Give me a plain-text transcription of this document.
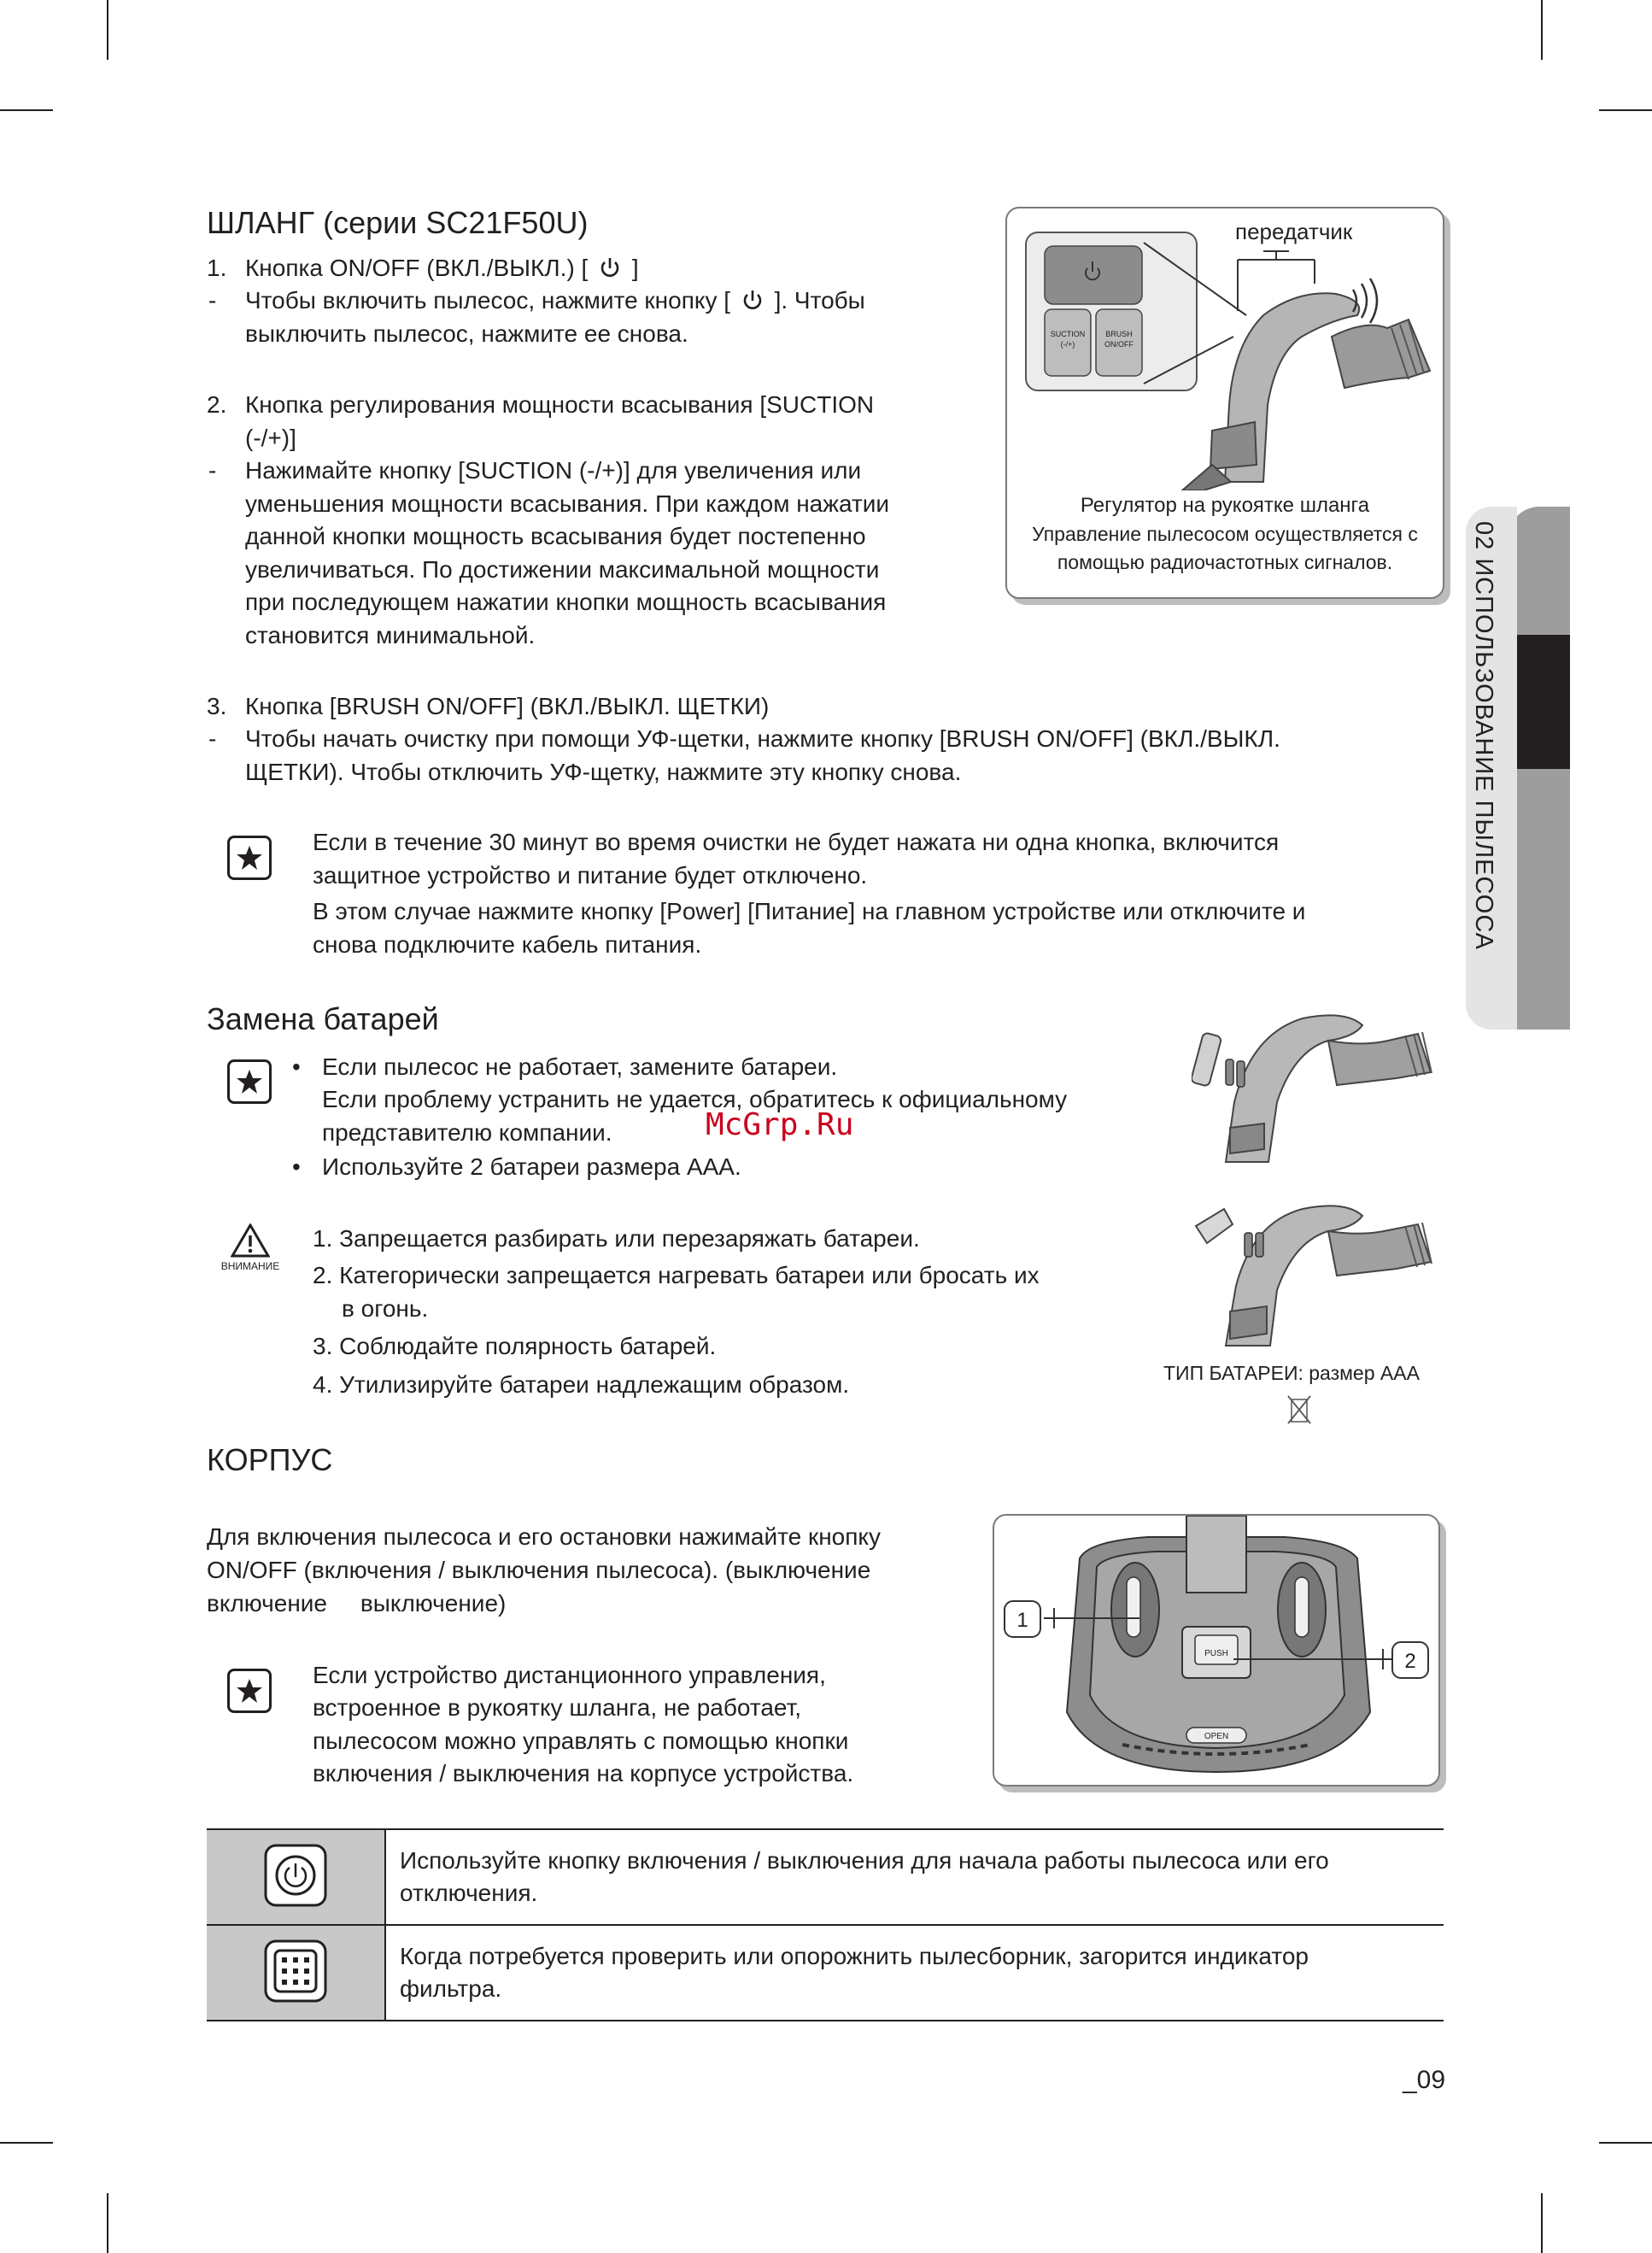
02 ИСПОЛЬЗОВАНИЕ ПЫЛЕСОСА
ШЛАНГ (серии SC21F50U)
1. Кнопка ON/OFF (ВКЛ./ВЫКЛ.) [ ]
- Чтобы включить пылесос, нажмите кнопку [ ]. Чтобы
выключить пылесос, нажмите ее снова.
2. Кнопка регулирования мощности всасывания [SUCTION
(-/+)]
- Нажимайте кнопку [SUCTION (-/+)] для увеличения или
уменьшения мощности всасывания. При каждом нажатии
данной кнопки мощность всасывания будет постепенно
увеличиваться. По достижении максимальной мощности
при последующем нажатии кнопки мощность всасывания
становится минимальной.
3. Кнопка [BRUSH ON/OFF] (ВКЛ./ВЫКЛ. ЩЕТКИ)
- Чтобы начать очистку при помощи УФ-щетки, нажмите кнопку [BRUSH ON/OFF] (ВКЛ./ВЫКЛ.
ЩЕТКИ). Чтобы отключить УФ-щетку, нажмите эту кнопку снова.
Если в течение 30 минут во время очистки не будет нажата ни одна кнопка, включится
защитное устройство и питание будет отключено.
В этом случае нажмите кнопку [Power] [Питание] на главном устройстве или отключите и
снова подключите кабель питания.
передатчик
SUCTION
(-/+)
BRUSH
ON/OFF
Регулятор на рукоятке шланга
Управление пылесосом осуществляется с
помощью радиочастотных сигналов.
Замена батарей
• Если пылесос не работает, замените батареи.
Если проблему устранить не удается, обратитесь к официальному
представителю компании.
• Используйте 2 батареи размера ААА.
McGrp.Ru
ВНИМАНИЕ
1. Запрещается разбирать или перезаряжать батареи.
2. Категорически запрещается нагревать батареи или бросать их
в огонь.
3. Соблюдайте полярность батарей.
4. Утилизируйте батареи надлежащим образом.	ТИП БАТАРЕИ: размер ААА
КОРПУС
Для включения пылесоса и его остановки нажимайте кнопку
ON/OFF (включения / выключения пылесоса). (выключение
включение     выключение)
Если устройство дистанционного управления,
встроенное в рукоятку шланга, не работает,
пылесосом можно управлять с помощью кнопки
включения / выключения на корпусе устройства.
PUSH
OPEN
1
2

Используйте кнопку включения / выключения для начала работы пылесоса или его
отключения.

Когда потребуется проверить или опорожнить пылесборник, загорится индикатор
фильтра.
_09
